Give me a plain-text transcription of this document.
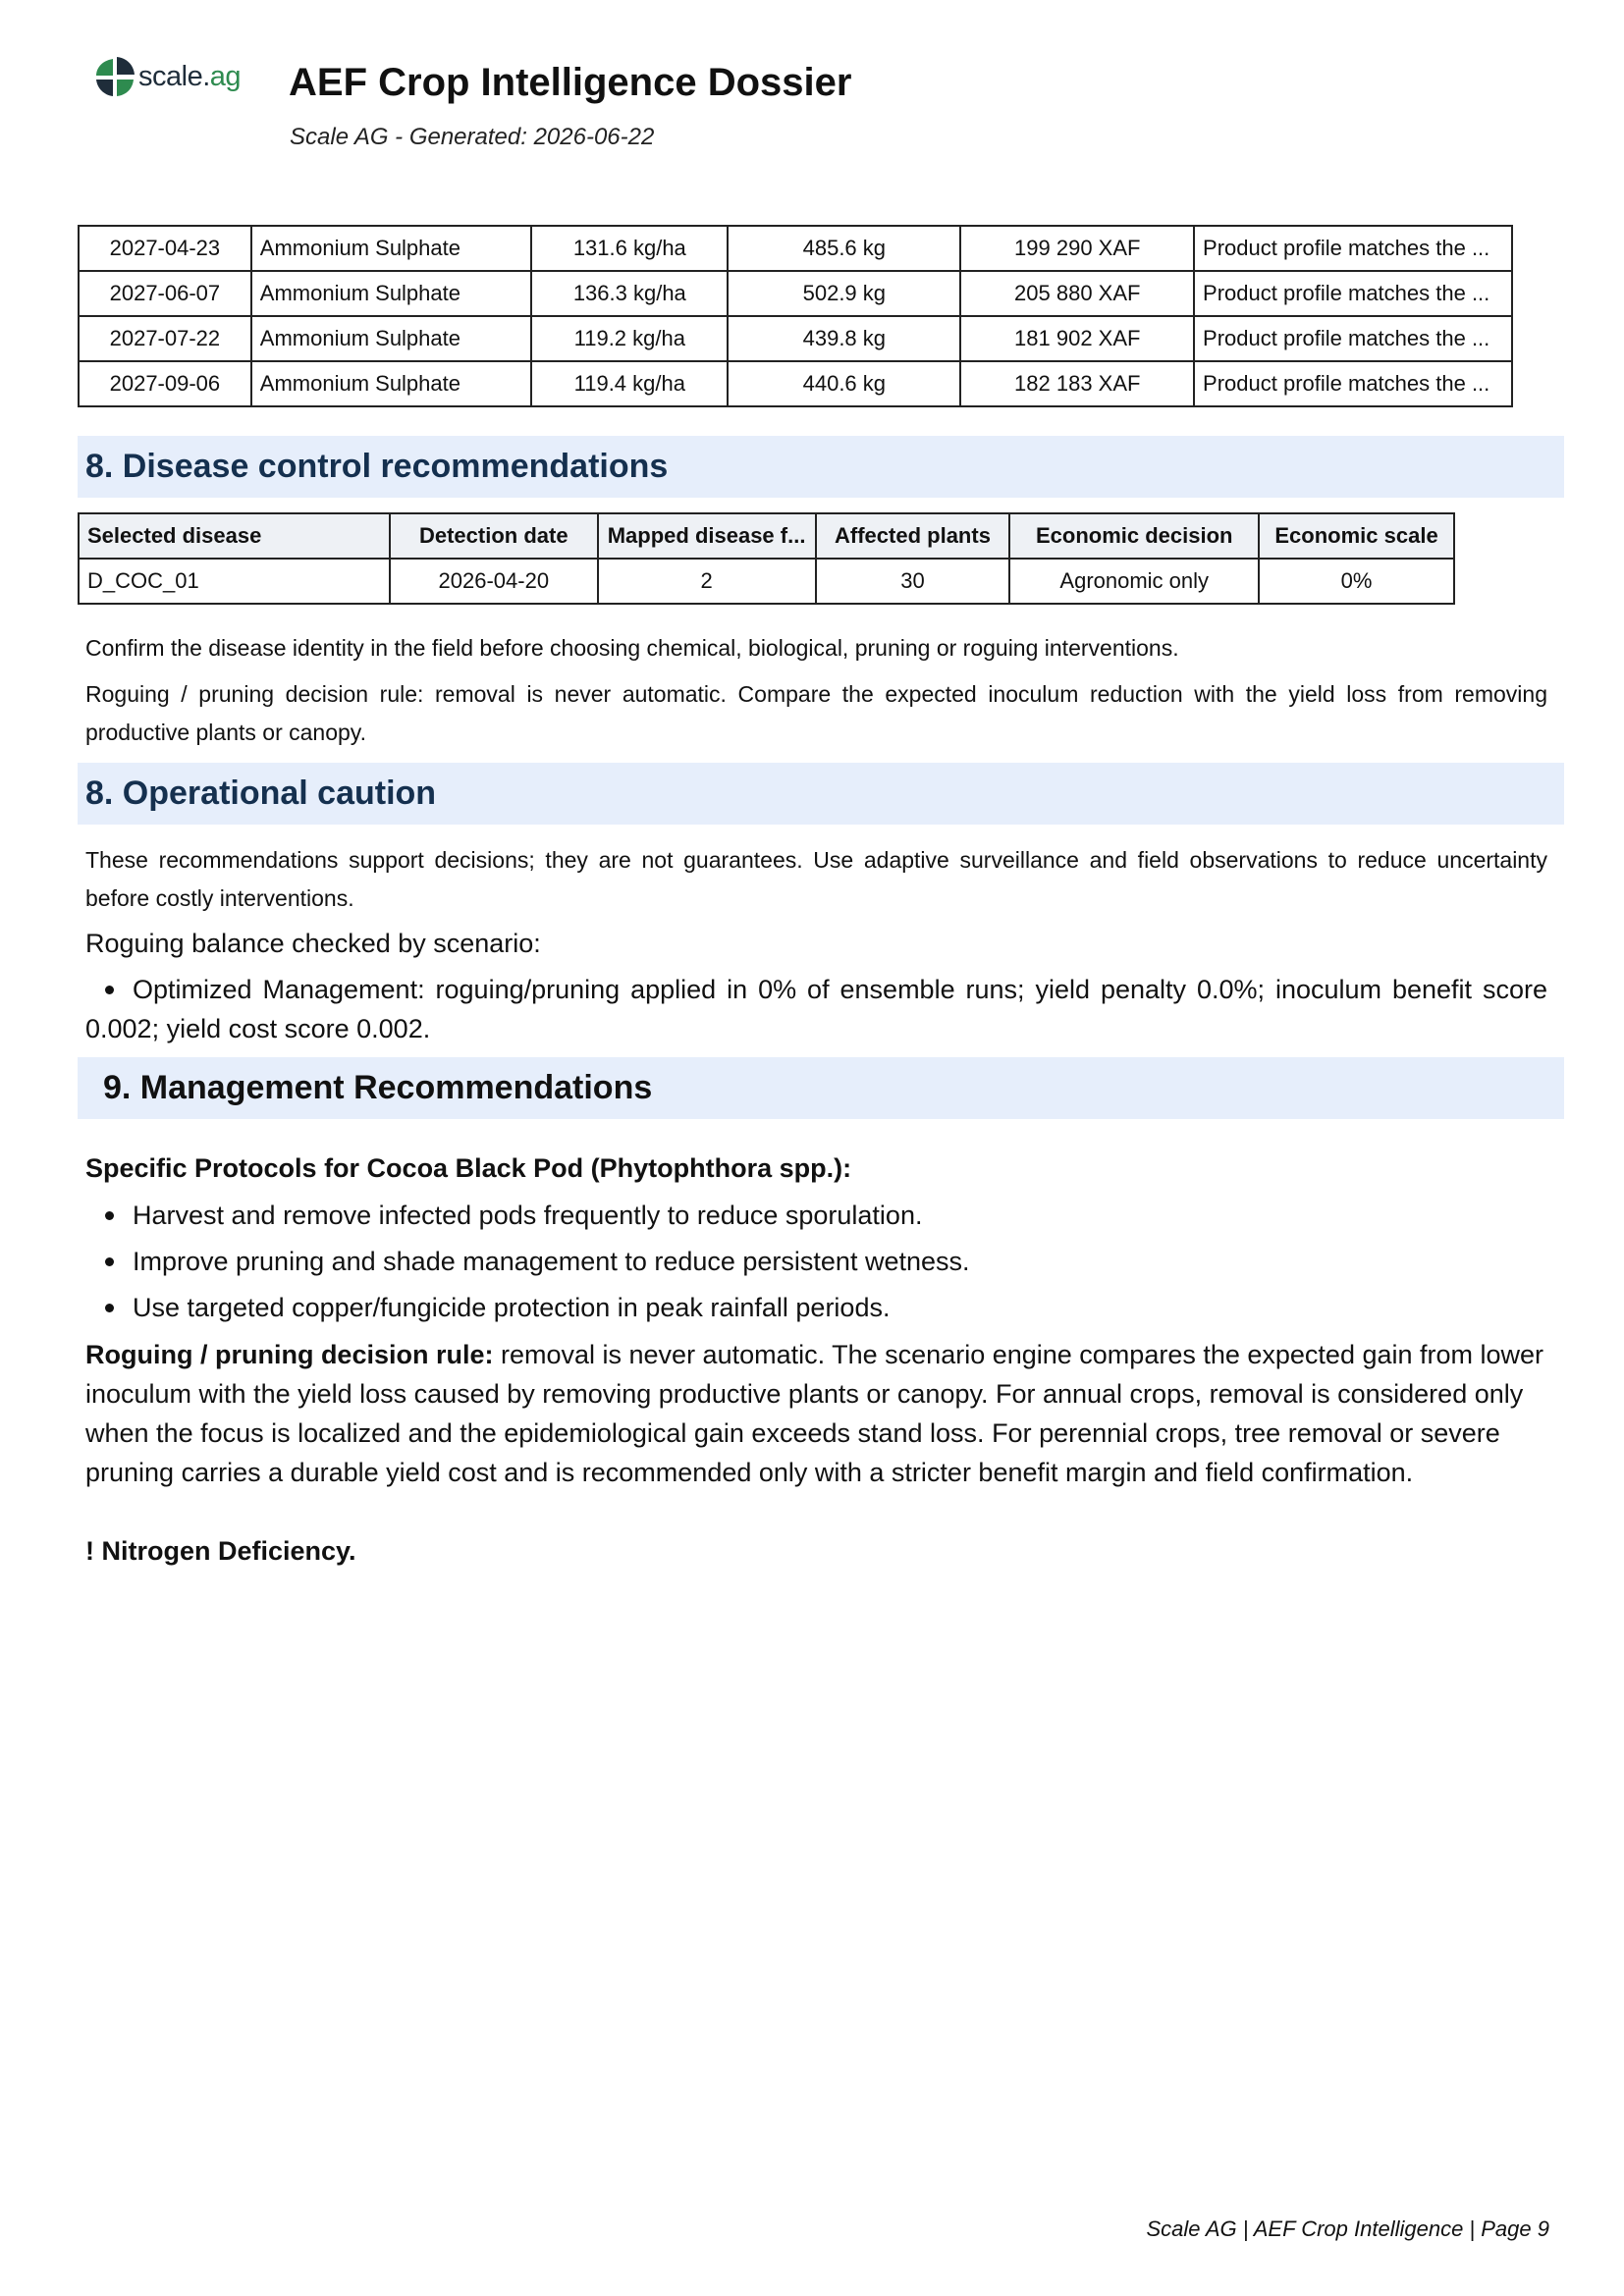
scale.ag AEF Crop Intelligence Dossier
Scale AG - Generated: 2026-06-22
2027-04-23	Ammonium Sulphate	131.6 kg/ha	485.6 kg	199 290 XAF	Product profile matches the ...
2027-06-07	Ammonium Sulphate	136.3 kg/ha	502.9 kg	205 880 XAF	Product profile matches the ...
2027-07-22	Ammonium Sulphate	119.2 kg/ha	439.8 kg	181 902 XAF	Product profile matches the ...
2027-09-06	Ammonium Sulphate	119.4 kg/ha	440.6 kg	182 183 XAF	Product profile matches the ...
8. Disease control recommendations
Selected disease	Detection date	Mapped disease f...	Affected plants	Economic decision	Economic scale
D_COC_01	2026-04-20	2	30	Agronomic only	0%
Confirm the disease identity in the field before choosing chemical, biological, pruning or roguing interventions.
Roguing / pruning decision rule: removal is never automatic. Compare the expected inoculum reduction with the yield loss from removing productive plants or canopy.
8. Operational caution
These recommendations support decisions; they are not guarantees. Use adaptive surveillance and field observations to reduce uncertainty before costly interventions.
Roguing balance checked by scenario:
Optimized Management: roguing/pruning applied in 0% of ensemble runs; yield penalty 0.0%; inoculum benefit score 0.002; yield cost score 0.002.
9. Management Recommendations
Specific Protocols for Cocoa Black Pod (Phytophthora spp.):
Harvest and remove infected pods frequently to reduce sporulation.
Improve pruning and shade management to reduce persistent wetness.
Use targeted copper/fungicide protection in peak rainfall periods.
Roguing / pruning decision rule: removal is never automatic. The scenario engine compares the expected gain from lower inoculum with the yield loss caused by removing productive plants or canopy. For annual crops, removal is considered only when the focus is localized and the epidemiological gain exceeds stand loss. For perennial crops, tree removal or severe pruning carries a durable yield cost and is recommended only with a stricter benefit margin and field confirmation.
! Nitrogen Deficiency.
Scale AG | AEF Crop Intelligence | Page 9
